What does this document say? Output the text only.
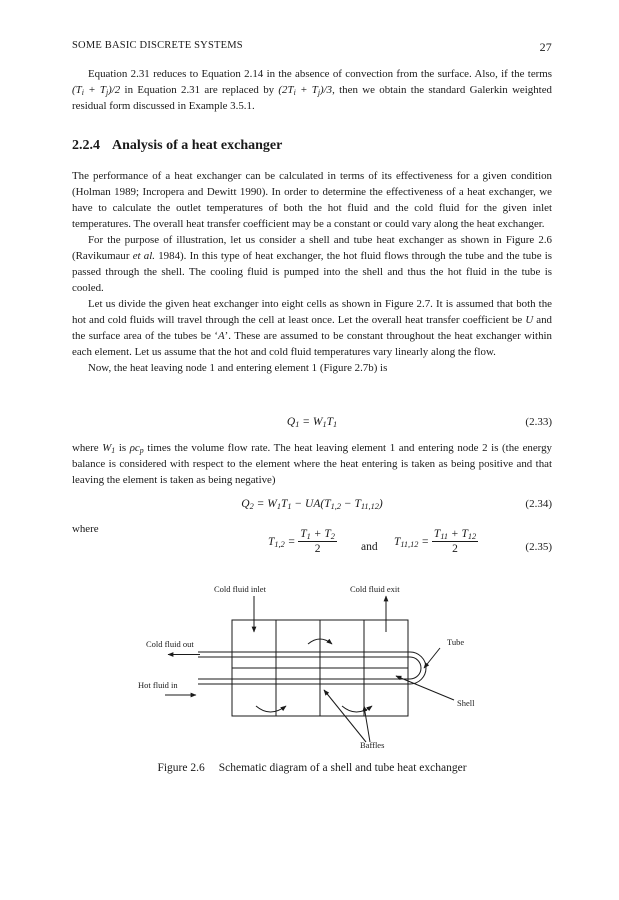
SOME BASIC DISCRETE SYSTEMS	27

Equation 2.31 reduces to Equation 2.14 in the absence of convection from the surface. Also, if the terms $(T_i + T_j)/2$ in Equation 2.31 are replaced by $(2T_i + T_j)/3$, then we obtain the standard Galerkin weighted residual form discussed in Example 3.5.1.

2.2.4 Analysis of a heat exchanger

The performance of a heat exchanger can be calculated in terms of its effectiveness for a given condition (Holman 1989; Incropera and Dewitt 1990). In order to determine the effectiveness of a heat exchanger, we have to calculate the outlet temperatures of both the hot fluid and the cold fluid for the given inlet temperatures. The overall heat transfer coefficient may be a constant or could vary along the heat exchanger.

For the purpose of illustration, let us consider a shell and tube heat exchanger as shown in Figure 2.6 (Ravikumaur et al. 1984). In this type of heat exchanger, the hot fluid flows through the tube and the tube is passed through the shell. The cooling fluid is pumped into the shell and thus the hot fluid in the tube is cooled.

Let us divide the given heat exchanger into eight cells as shown in Figure 2.7. It is assumed that both the hot and cold fluids will travel through the cell at least once. Let the overall heat transfer coefficient be U and the surface area of the tubes be ‘A’. These are assumed to be constant throughout the heat exchanger within each element. Let us assume that the hot and cold fluid temperatures vary linearly along the flow.

Now, the heat leaving node 1 and entering element 1 (Figure 2.7b) is

$Q_1 = W_1T_1$	(2.33)

where $W_1$ is $\rho c_p$ times the volume flow rate. The heat leaving element 1 and entering node 2 is (the energy balance is considered with respect to the element where the heat entering is taken as being positive and that leaving the element is taken as being negative)

$Q_2 = W_1T_1 - UA(T_{1,2} - T_{11,12})$	(2.34)
where
$T_{1,2} = \frac{T_1 + T_2}{2}$ and $T_{11,12} = \frac{T_{11} + T_{12}}{2}$	(2.35)
Cold fluid inlet	Cold fluid exit
Cold fluid out
Hot fluid in
Tube
Shell
Baffles
Figure 2.6 Schematic diagram of a shell and tube heat exchanger
